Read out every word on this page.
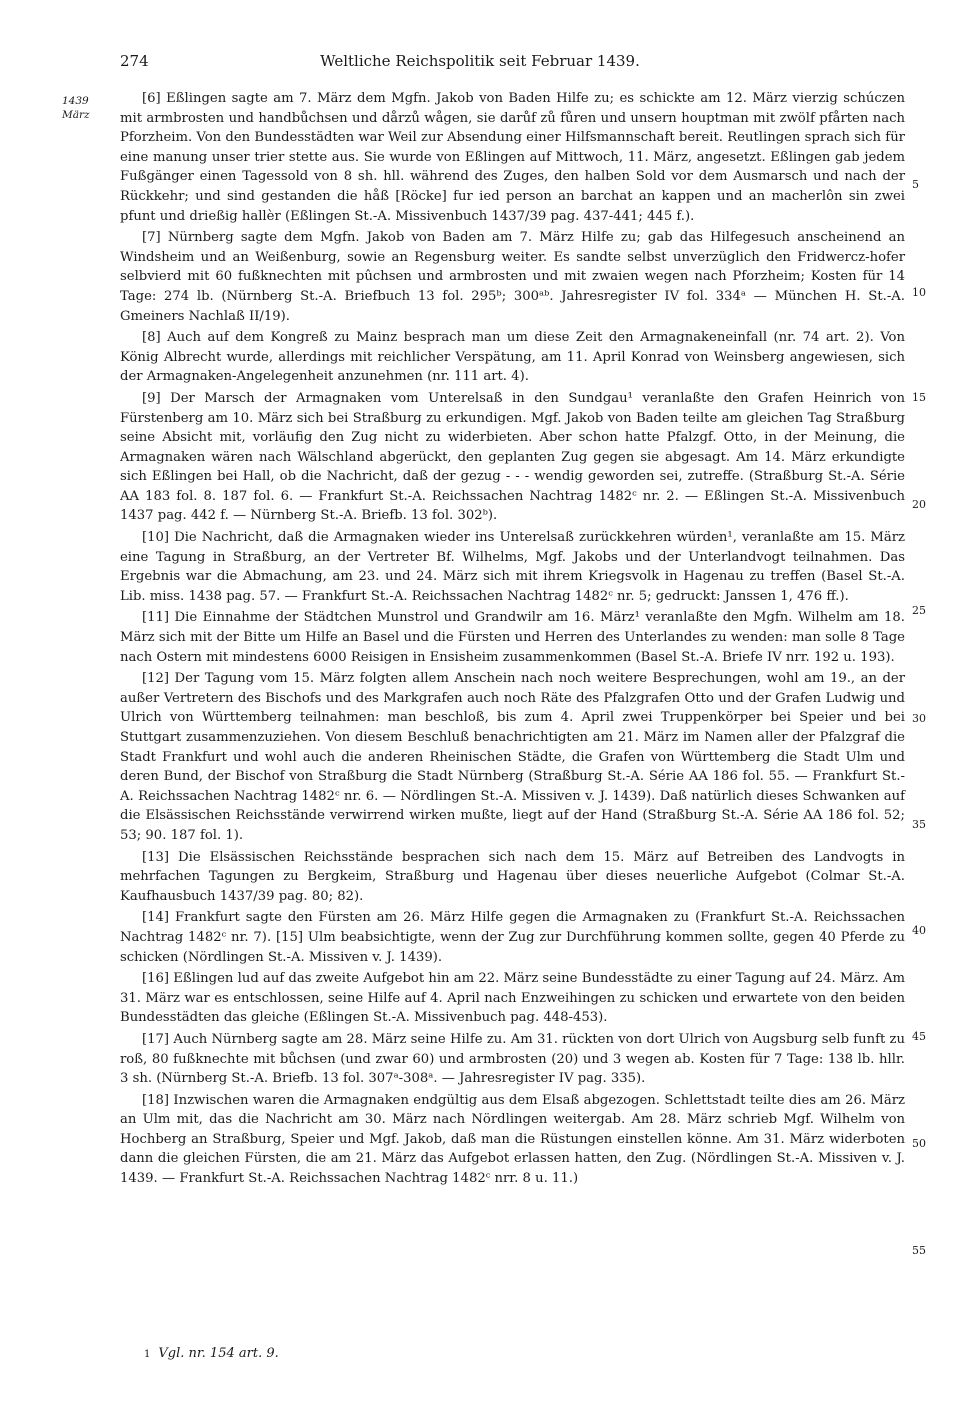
274	Weltliche Reichspolitik seit Februar 1439.
1439
März

[6] Eßlingen sagte am 7. März dem Mgfn. Jakob von Baden Hilfe zu; es schickte am 12. März vierzig schúczen mit armbrosten und handbůchsen und dårzů wågen, sie darůf zů fůren und unsern houptman mit zwölf pfårten nach Pforzheim. Von den Bundesstädten war Weil zur Absendung einer Hilfsmannschaft bereit. Reutlingen sprach sich für eine manung unser trier stette aus. Sie wurde von Eßlingen auf Mittwoch, 11. März, angesetzt. Eßlingen gab jedem Fußgänger einen Tagessold von 8 sh. hll. während des Zuges, den halben Sold vor dem Ausmarsch und nach der Rückkehr; und sind gestanden die håß [Röcke] fur ied person an barchat an kappen und an macherlôn sin zwei pfunt und drießig hallèr (Eßlingen St.-A. Missivenbuch 1437/39 pag. 437-441; 445 f.).

[7] Nürnberg sagte dem Mgfn. Jakob von Baden am 7. März Hilfe zu; gab das Hilfegesuch anscheinend an Windsheim und an Weißenburg, sowie an Regensburg weiter. Es sandte selbst unverzüglich den Fridwercz-hofer selbvierd mit 60 fußknechten mit pûchsen und armbrosten und mit zwaien wegen nach Pforzheim; Kosten für 14 Tage: 274 lb. (Nürnberg St.-A. Briefbuch 13 fol. 295ᵇ; 300ᵃᵇ. Jahresregister IV fol. 334ᵃ — München H. St.-A. Gmeiners Nachlaß II/19).

[8] Auch auf dem Kongreß zu Mainz besprach man um diese Zeit den Armagnakeneinfall (nr. 74 art. 2). Von König Albrecht wurde, allerdings mit reichlicher Verspätung, am 11. April Konrad von Weinsberg angewiesen, sich der Armagnaken-Angelegenheit anzunehmen (nr. 111 art. 4).

[9] Der Marsch der Armagnaken vom Unterelsaß in den Sundgau¹ veranlaßte den Grafen Heinrich von Fürstenberg am 10. März sich bei Straßburg zu erkundigen. Mgf. Jakob von Baden teilte am gleichen Tag Straßburg seine Absicht mit, vorläufig den Zug nicht zu widerbieten. Aber schon hatte Pfalzgf. Otto, in der Meinung, die Armagnaken wären nach Wälschland abgerückt, den geplanten Zug gegen sie abgesagt. Am 14. März erkundigte sich Eßlingen bei Hall, ob die Nachricht, daß der gezug - - - wendig geworden sei, zutreffe. (Straßburg St.-A. Série AA 183 fol. 8. 187 fol. 6. — Frankfurt St.-A. Reichssachen Nachtrag 1482ᶜ nr. 2. — Eßlingen St.-A. Missivenbuch 1437 pag. 442 f. — Nürnberg St.-A. Briefb. 13 fol. 302ᵇ).

[10] Die Nachricht, daß die Armagnaken wieder ins Unterelsaß zurückkehren würden¹, veranlaßte am 15. März eine Tagung in Straßburg, an der Vertreter Bf. Wilhelms, Mgf. Jakobs und der Unterlandvogt teilnahmen. Das Ergebnis war die Abmachung, am 23. und 24. März sich mit ihrem Kriegsvolk in Hagenau zu treffen (Basel St.-A. Lib. miss. 1438 pag. 57. — Frankfurt St.-A. Reichssachen Nachtrag 1482ᶜ nr. 5; gedruckt: Janssen 1, 476 ff.).

[11] Die Einnahme der Städtchen Munstrol und Grandwilr am 16. März¹ veranlaßte den Mgfn. Wilhelm am 18. März sich mit der Bitte um Hilfe an Basel und die Fürsten und Herren des Unterlandes zu wenden: man solle 8 Tage nach Ostern mit mindestens 6000 Reisigen in Ensisheim zusammenkommen (Basel St.-A. Briefe IV nrr. 192 u. 193).

[12] Der Tagung vom 15. März folgten allem Anschein nach noch weitere Besprechungen, wohl am 19., an der außer Vertretern des Bischofs und des Markgrafen auch noch Räte des Pfalzgrafen Otto und der Grafen Ludwig und Ulrich von Württemberg teilnahmen: man beschloß, bis zum 4. April zwei Truppenkörper bei Speier und bei Stuttgart zusammenzuziehen. Von diesem Beschluß benachrichtigten am 21. März im Namen aller der Pfalzgraf die Stadt Frankfurt und wohl auch die anderen Rheinischen Städte, die Grafen von Württemberg die Stadt Ulm und deren Bund, der Bischof von Straßburg die Stadt Nürnberg (Straßburg St.-A. Série AA 186 fol. 55. — Frankfurt St.-A. Reichssachen Nachtrag 1482ᶜ nr. 6. — Nördlingen St.-A. Missiven v. J. 1439). Daß natürlich dieses Schwanken auf die Elsässischen Reichsstände verwirrend wirken mußte, liegt auf der Hand (Straßburg St.-A. Série AA 186 fol. 52; 53; 90. 187 fol. 1).

[13] Die Elsässischen Reichsstände besprachen sich nach dem 15. März auf Betreiben des Landvogts in mehrfachen Tagungen zu Bergkeim, Straßburg und Hagenau über dieses neuerliche Aufgebot (Colmar St.-A. Kaufhausbuch 1437/39 pag. 80; 82).

[14] Frankfurt sagte den Fürsten am 26. März Hilfe gegen die Armagnaken zu (Frankfurt St.-A. Reichssachen Nachtrag 1482ᶜ nr. 7). [15] Ulm beabsichtigte, wenn der Zug zur Durchführung kommen sollte, gegen 40 Pferde zu schicken (Nördlingen St.-A. Missiven v. J. 1439).

[16] Eßlingen lud auf das zweite Aufgebot hin am 22. März seine Bundesstädte zu einer Tagung auf 24. März. Am 31. März war es entschlossen, seine Hilfe auf 4. April nach Enzweihingen zu schicken und erwartete von den beiden Bundesstädten das gleiche (Eßlingen St.-A. Missivenbuch pag. 448-453).

[17] Auch Nürnberg sagte am 28. März seine Hilfe zu. Am 31. rückten von dort Ulrich von Augsburg selb funft zu roß, 80 fußknechte mit bůchsen (und zwar 60) und armbrosten (20) und 3 wegen ab. Kosten für 7 Tage: 138 lb. hllr. 3 sh. (Nürnberg St.-A. Briefb. 13 fol. 307ᵃ-308ᵃ. — Jahresregister IV pag. 335).

[18] Inzwischen waren die Armagnaken endgültig aus dem Elsaß abgezogen. Schlettstadt teilte dies am 26. März an Ulm mit, das die Nachricht am 30. März nach Nördlingen weitergab. Am 28. März schrieb Mgf. Wilhelm von Hochberg an Straßburg, Speier und Mgf. Jakob, daß man die Rüstungen einstellen könne. Am 31. März widerboten dann die gleichen Fürsten, die am 21. März das Aufgebot erlassen hatten, den Zug. (Nördlingen St.-A. Missiven v. J. 1439. — Frankfurt St.-A. Reichssachen Nachtrag 1482ᶜ nrr. 8 u. 11.)

5
10
15
20
25
30
35
40
45
50
55
1 Vgl. nr. 154 art. 9.
